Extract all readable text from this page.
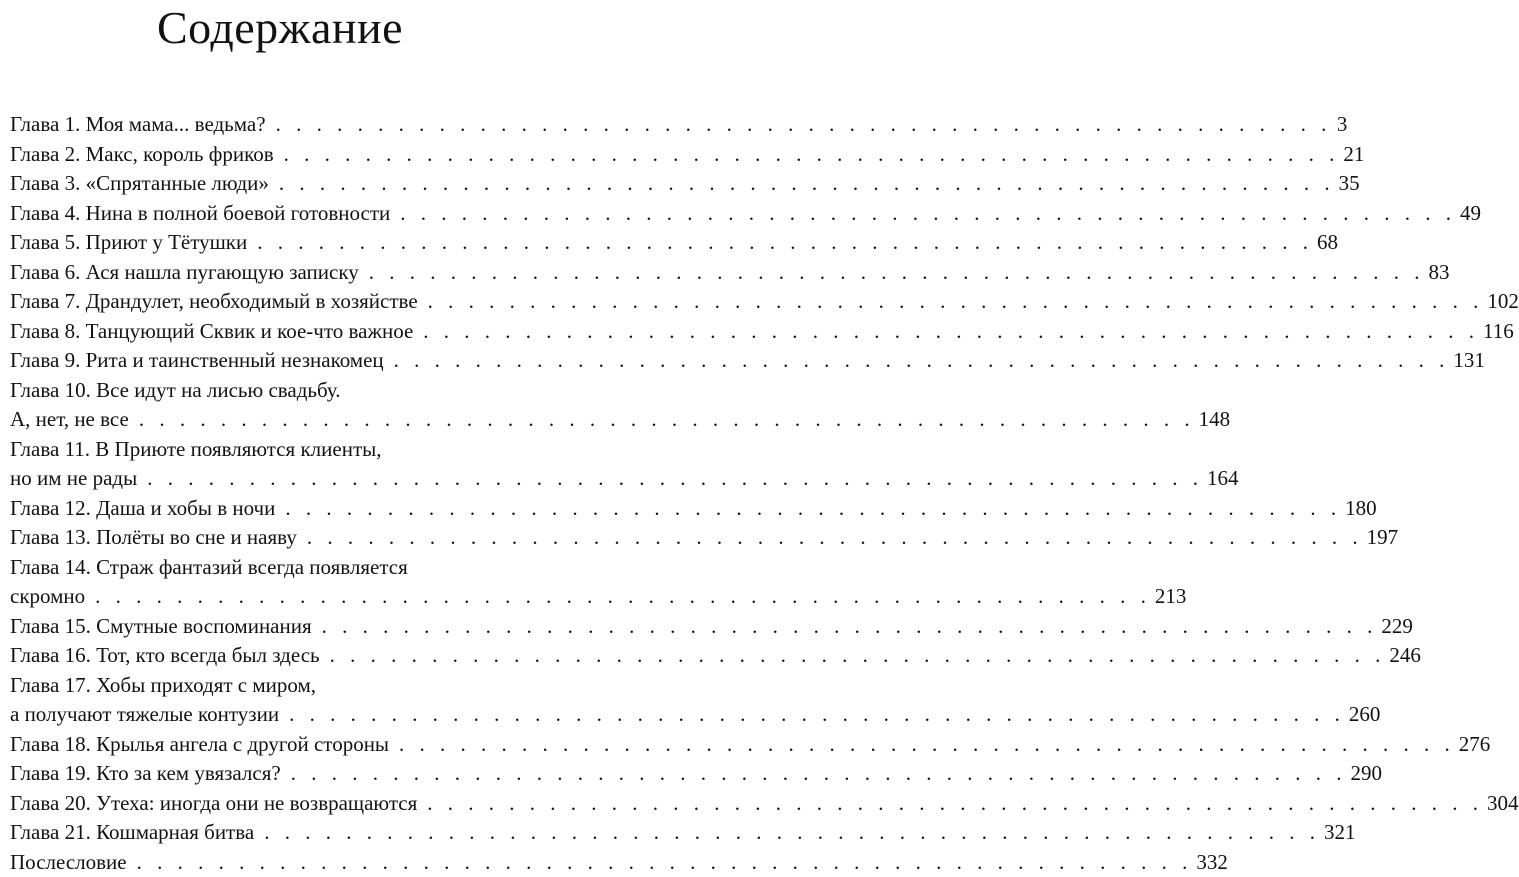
Содержание
Глава 1. Моя мама... ведьма? . . . . . . . . . . . . . . . . . . . . . . . . . . . . . . . . . . . . . . . . . . . . . . . . . . . . 3
Глава 2. Макс, король фриков . . . . . . . . . . . . . . . . . . . . . . . . . . . . . . . . . . . . . . . . . . . . . . . . . . . . 21
Глава 3. «Спрятанные люди» . . . . . . . . . . . . . . . . . . . . . . . . . . . . . . . . . . . . . . . . . . . . . . . . . . . . 35
Глава 4. Нина в полной боевой готовности . . . . . . . . . . . . . . . . . . . . . . . . . . . . . . . . . . . . . . . . . . . . . . . . . . . . 49
Глава 5. Приют у Тётушки . . . . . . . . . . . . . . . . . . . . . . . . . . . . . . . . . . . . . . . . . . . . . . . . . . . . 68
Глава 6. Ася нашла пугающую записку . . . . . . . . . . . . . . . . . . . . . . . . . . . . . . . . . . . . . . . . . . . . . . . . . . . . 83
Глава 7. Драндулет, необходимый в хозяйстве . . . . . . . . . . . . . . . . . . . . . . . . . . . . . . . . . . . . . . . . . . . . . . . . . . . . 102
Глава 8. Танцующий Сквик и кое-что важное . . . . . . . . . . . . . . . . . . . . . . . . . . . . . . . . . . . . . . . . . . . . . . . . . . . . 116
Глава 9. Рита и таинственный незнакомец . . . . . . . . . . . . . . . . . . . . . . . . . . . . . . . . . . . . . . . . . . . . . . . . . . . . 131
Глава 10. Все идут на лисью свадьбу.
А, нет, не все . . . . . . . . . . . . . . . . . . . . . . . . . . . . . . . . . . . . . . . . . . . . . . . . . . . . 148
Глава 11. В Приюте появляются клиенты,
но им не рады . . . . . . . . . . . . . . . . . . . . . . . . . . . . . . . . . . . . . . . . . . . . . . . . . . . . 164
Глава 12. Даша и хобы в ночи . . . . . . . . . . . . . . . . . . . . . . . . . . . . . . . . . . . . . . . . . . . . . . . . . . . . 180
Глава 13. Полёты во сне и наяву . . . . . . . . . . . . . . . . . . . . . . . . . . . . . . . . . . . . . . . . . . . . . . . . . . . . 197
Глава 14. Страж фантазий всегда появляется
скромно . . . . . . . . . . . . . . . . . . . . . . . . . . . . . . . . . . . . . . . . . . . . . . . . . . . . 213
Глава 15. Смутные воспоминания . . . . . . . . . . . . . . . . . . . . . . . . . . . . . . . . . . . . . . . . . . . . . . . . . . . . 229
Глава 16. Тот, кто всегда был здесь . . . . . . . . . . . . . . . . . . . . . . . . . . . . . . . . . . . . . . . . . . . . . . . . . . . . 246
Глава 17. Хобы приходят с миром,
а получают тяжелые контузии . . . . . . . . . . . . . . . . . . . . . . . . . . . . . . . . . . . . . . . . . . . . . . . . . . . . 260
Глава 18. Крылья ангела с другой стороны . . . . . . . . . . . . . . . . . . . . . . . . . . . . . . . . . . . . . . . . . . . . . . . . . . . . 276
Глава 19. Кто за кем увязался? . . . . . . . . . . . . . . . . . . . . . . . . . . . . . . . . . . . . . . . . . . . . . . . . . . . . 290
Глава 20. Утеха: иногда они не возвращаются . . . . . . . . . . . . . . . . . . . . . . . . . . . . . . . . . . . . . . . . . . . . . . . . . . . . 304
Глава 21. Кошмарная битва . . . . . . . . . . . . . . . . . . . . . . . . . . . . . . . . . . . . . . . . . . . . . . . . . . . . 321
Послесловие . . . . . . . . . . . . . . . . . . . . . . . . . . . . . . . . . . . . . . . . . . . . . . . . . . . . 332
